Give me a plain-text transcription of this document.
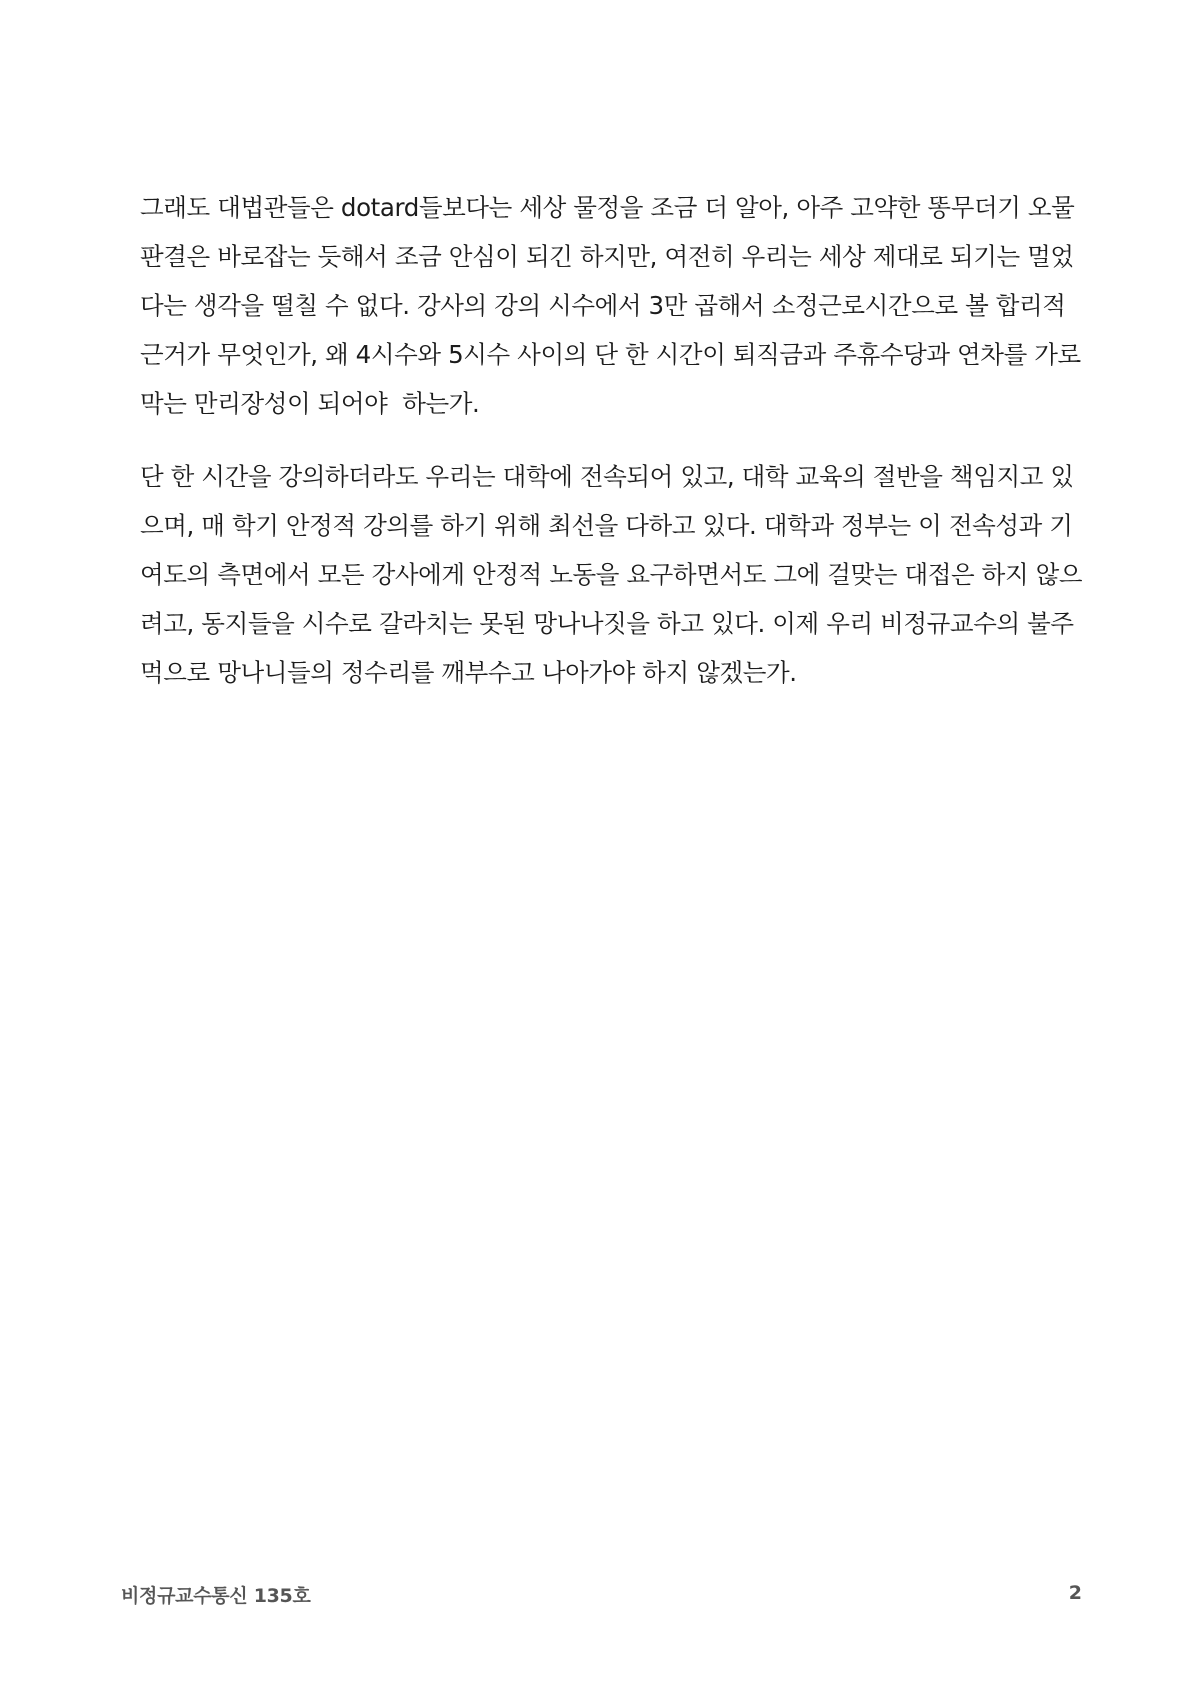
그래도 대법관들은 dotard들보다는 세상 물정을 조금 더 알아, 아주 고약한 똥무더기 오물
판결은 바로잡는 듯해서 조금 안심이 되긴 하지만, 여전히 우리는 세상 제대로 되기는 멀었
다는 생각을 떨칠 수 없다. 강사의 강의 시수에서 3만 곱해서 소정근로시간으로 볼 합리적
근거가 무엇인가, 왜 4시수와 5시수 사이의 단 한 시간이 퇴직금과 주휴수당과 연차를 가로
막는 만리장성이 되어야  하는가.

단 한 시간을 강의하더라도 우리는 대학에 전속되어 있고, 대학 교육의 절반을 책임지고 있
으며, 매 학기 안정적 강의를 하기 위해 최선을 다하고 있다. 대학과 정부는 이 전속성과 기
여도의 측면에서 모든 강사에게 안정적 노동을 요구하면서도 그에 걸맞는 대접은 하지 않으
려고, 동지들을 시수로 갈라치는 못된 망나나짓을 하고 있다. 이제 우리 비정규교수의 불주
먹으로 망나니들의 정수리를 깨부수고 나아가야 하지 않겠는가.

비정규교수통신 135호	2
